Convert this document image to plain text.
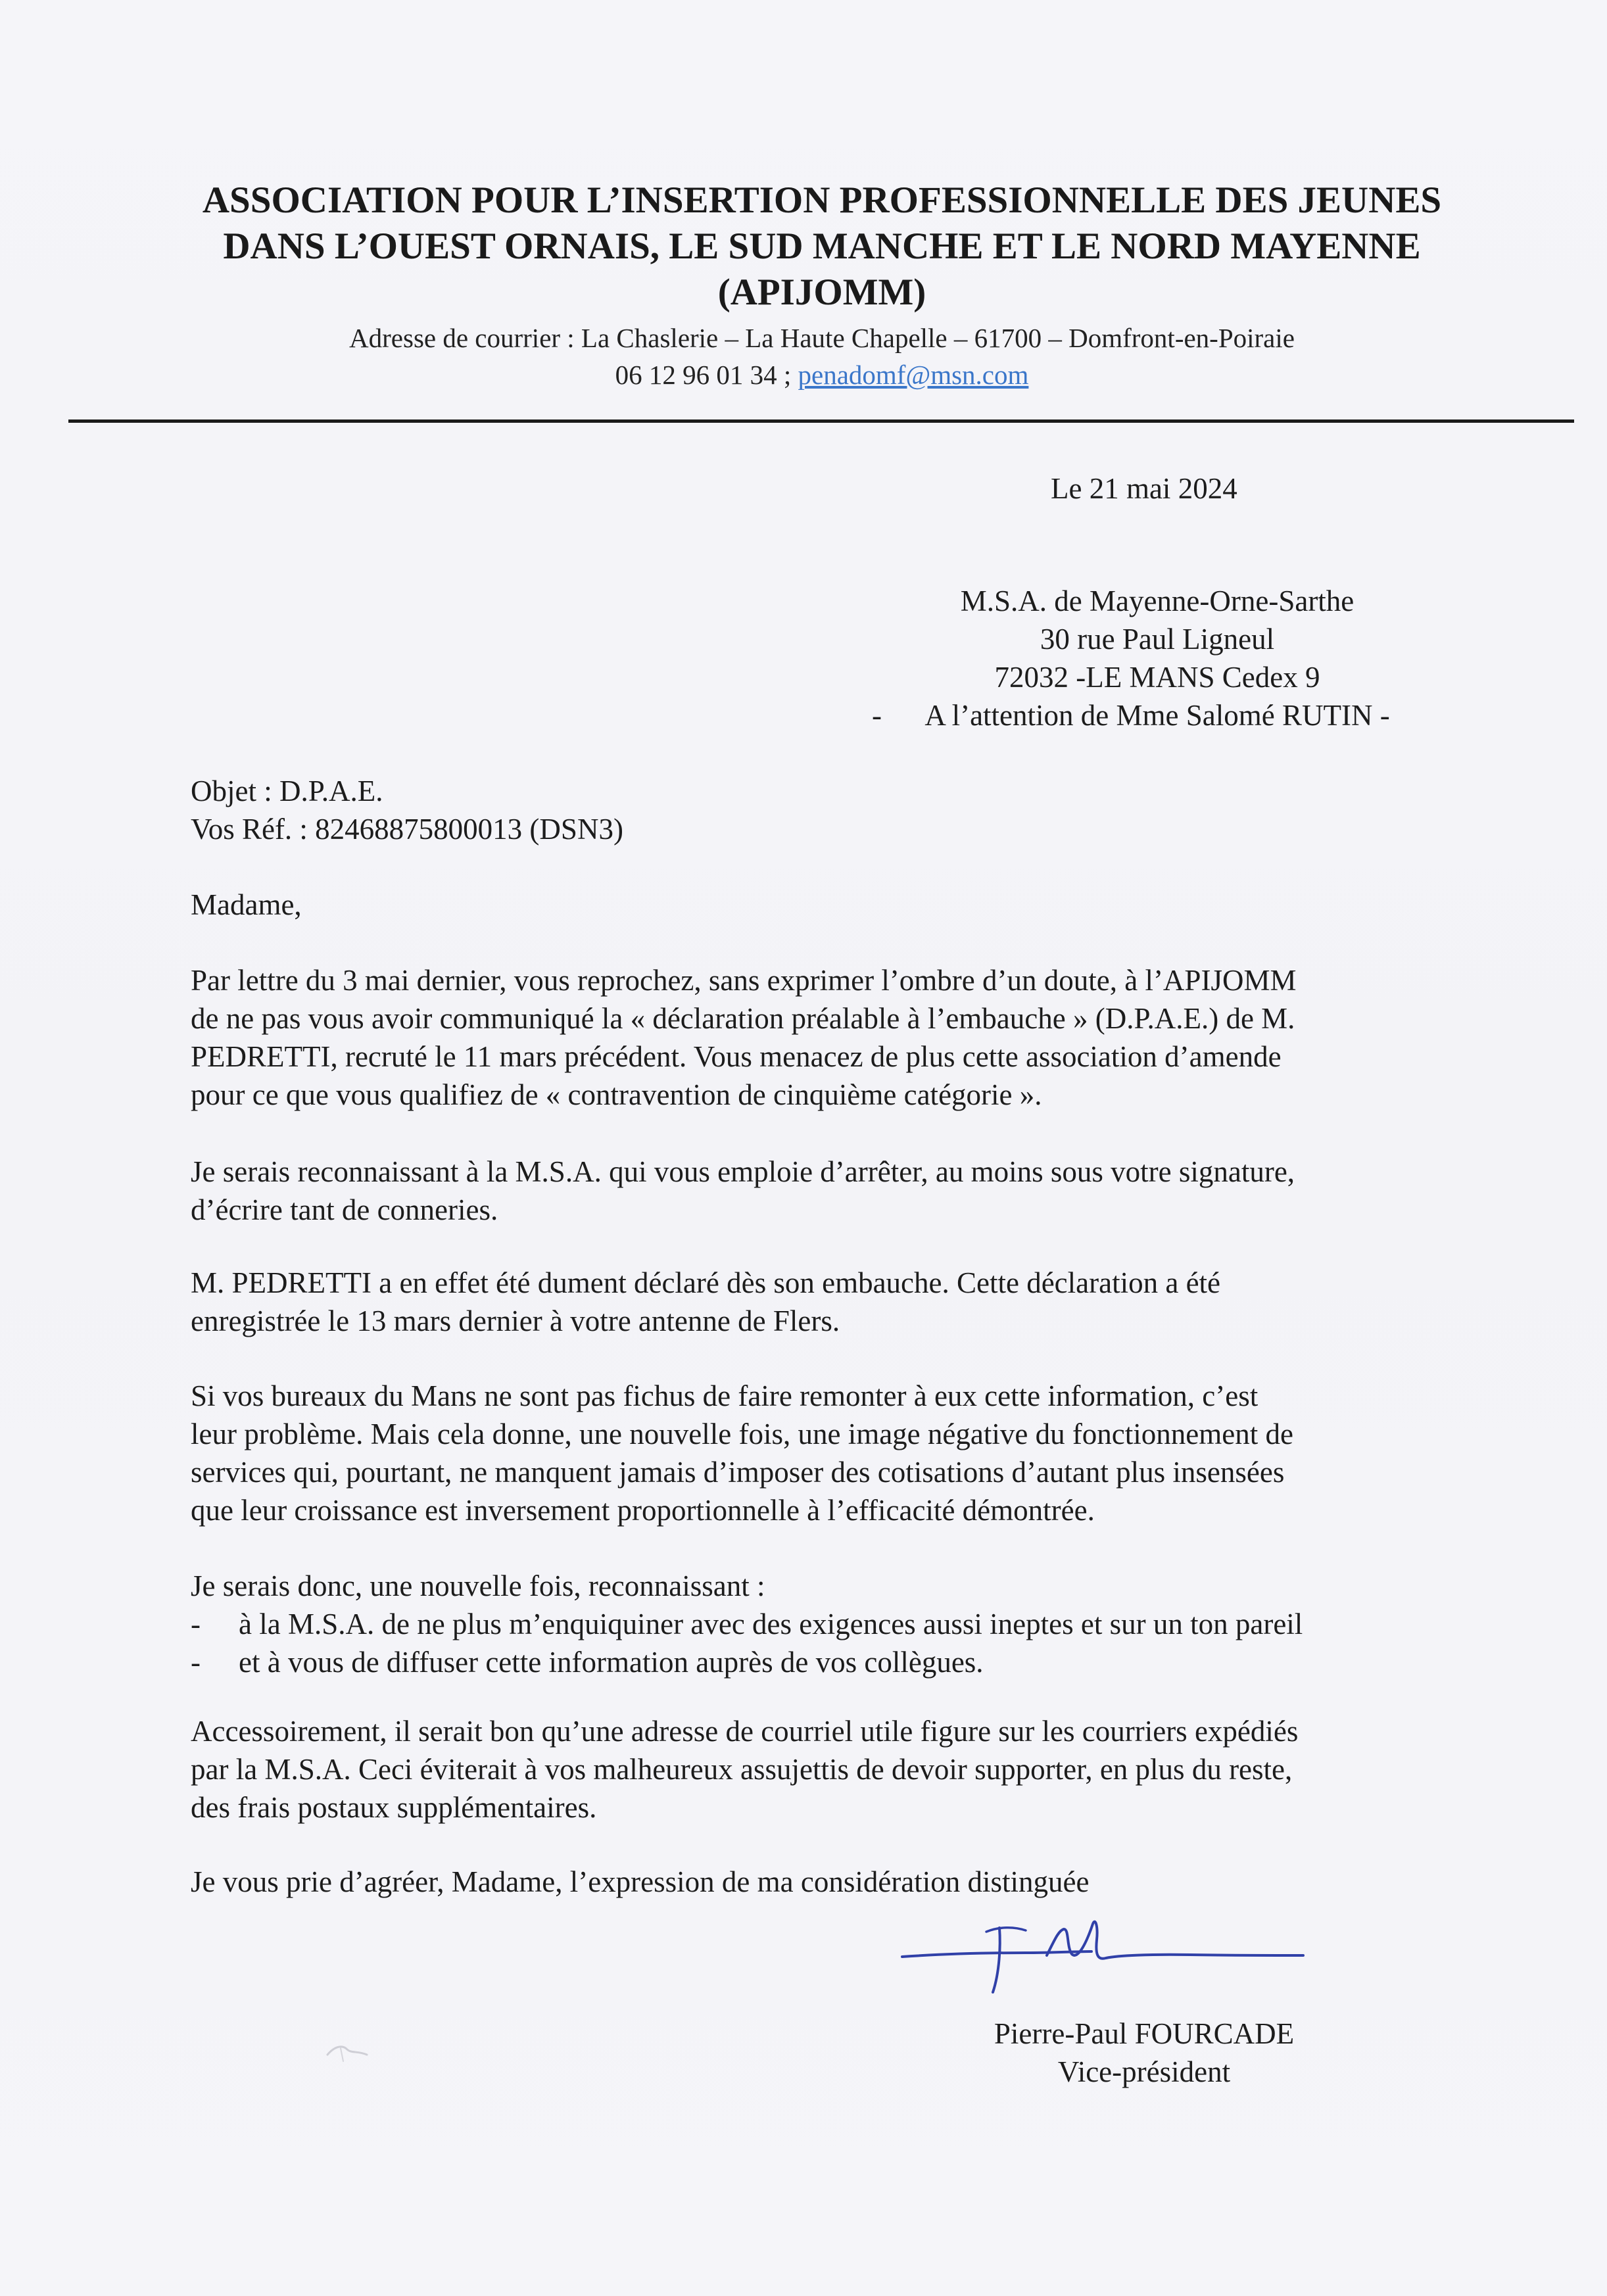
ASSOCIATION POUR L’INSERTION PROFESSIONNELLE DES JEUNES
DANS L’OUEST ORNAIS, LE SUD MANCHE ET LE NORD MAYENNE
(APIJOMM)
Adresse de courrier : La Chaslerie – La Haute Chapelle – 61700 – Domfront-en-Poiraie
06 12 96 01 34 ; penadomf@msn.com
Le 21 mai 2024
M.S.A. de Mayenne-Orne-Sarthe
30 rue Paul Ligneul
72032 -LE MANS Cedex 9
- A l’attention de Mme Salomé RUTIN -

Objet : D.P.A.E.

Vos Réf. : 82468875800013 (DSN3)

Madame,

Par lettre du 3 mai dernier, vous reprochez, sans exprimer l’ombre d’un doute, à l’APIJOMM

de ne pas vous avoir communiqué la « déclaration préalable à l’embauche » (D.P.A.E.) de M.

PEDRETTI, recruté le 11 mars précédent. Vous menacez de plus cette association d’amende

pour ce que vous qualifiez de « contravention de cinquième catégorie ».

Je serais reconnaissant à la M.S.A. qui vous emploie d’arrêter, au moins sous votre signature,

d’écrire tant de conneries.

M. PEDRETTI a en effet été dument déclaré dès son embauche. Cette déclaration a été

enregistrée le 13 mars dernier à votre antenne de Flers.

Si vos bureaux du Mans ne sont pas fichus de faire remonter à eux cette information, c’est

leur problème. Mais cela donne, une nouvelle fois, une image négative du fonctionnement de

services qui, pourtant, ne manquent jamais d’imposer des cotisations d’autant plus insensées

que leur croissance est inversement proportionnelle à l’efficacité démontrée.

Je serais donc, une nouvelle fois, reconnaissant :

- à la M.S.A. de ne plus m’enquiquiner avec des exigences aussi ineptes et sur un ton pareil
- et à vous de diffuser cette information auprès de vos collègues.

Accessoirement, il serait bon qu’une adresse de courriel utile figure sur les courriers expédiés

par la M.S.A. Ceci éviterait à vos malheureux assujettis de devoir supporter, en plus du reste,

des frais postaux supplémentaires.

Je vous prie d’agréer, Madame, l’expression de ma considération distinguée

Pierre-Paul FOURCADE
Vice-président
